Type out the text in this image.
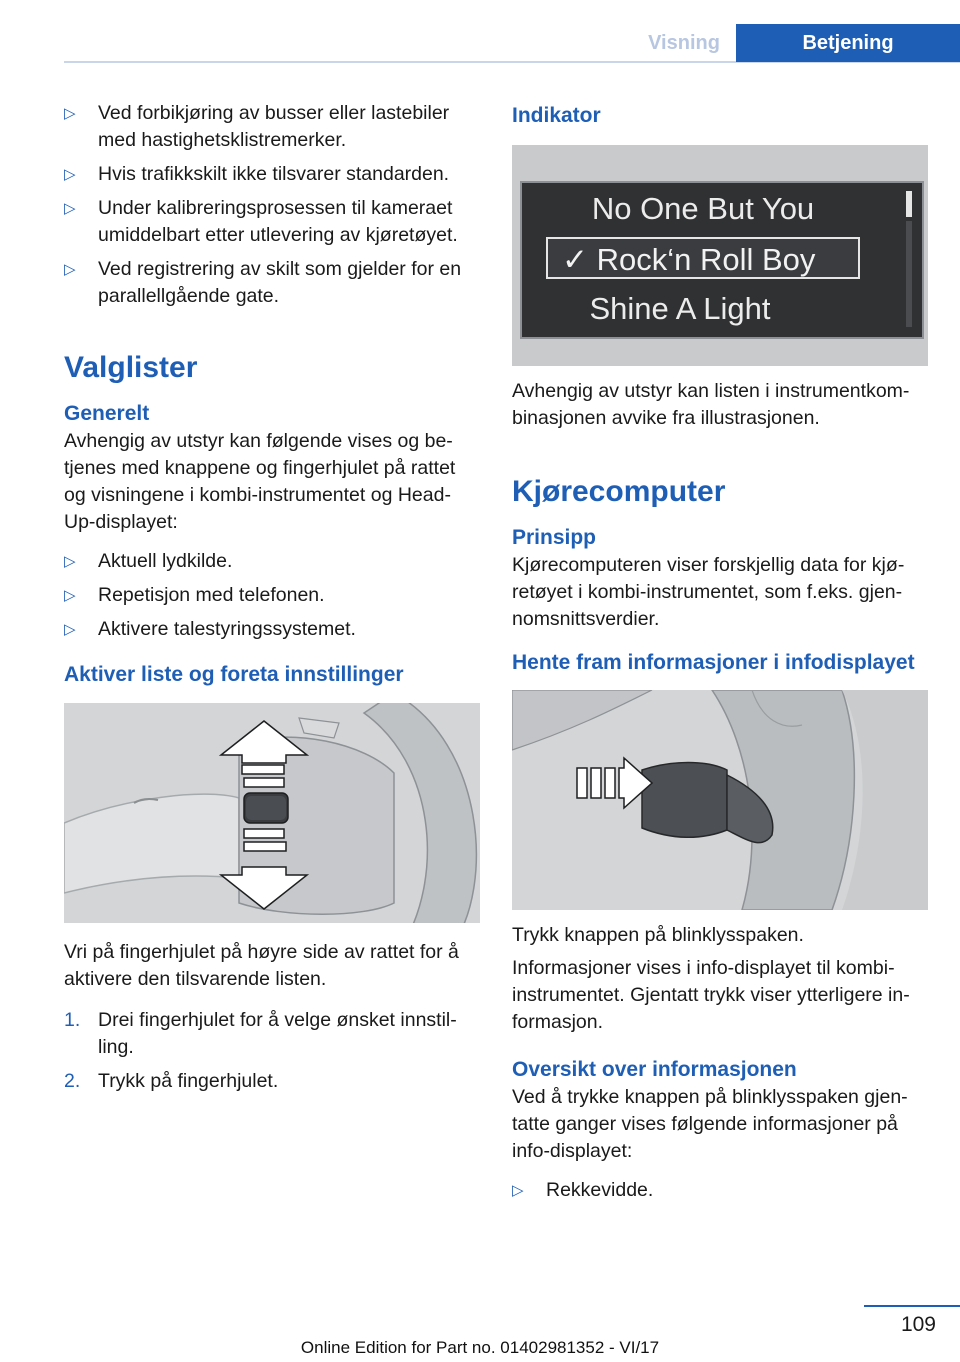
Visning	Betjening
▷ Ved forbikjøring av busser eller lastebiler med hastighetsklistremerker.
▷ Hvis trafikkskilt ikke tilsvarer standarden.
▷ Under kalibreringsprosessen til kameraet umiddelbart etter utlevering av kjøretøyet.
▷ Ved registrering av skilt som gjelder for en parallellgående gate.
Valglister
Generelt

Avhengig av utstyr kan følgende vises og betjenes med knappene og fingerhjulet på rattet og visningene i kombi-instrumentet og Head-Up-displayet:

▷ Aktuell lydkilde.
▷ Repetisjon med telefonen.
▷ Aktivere talestyringssystemet.
Aktiver liste og foreta innstillinger

Vri på fingerhjulet på høyre side av rattet for å aktivere den tilsvarende listen.

1. Drei fingerhjulet for å velge ønsket innstilling.
2. Trykk på fingerhjulet.
Indikator
No One But You
✓ Rock‘n Roll Boy
Shine A Light

Avhengig av utstyr kan listen i instrumentkombinasjonen avvike fra illustrasjonen.

Kjørecomputer
Prinsipp

Kjørecomputeren viser forskjellig data for kjøretøyet i kombi-instrumentet, som f.eks. gjennomsnittsverdier.

Hente fram informasjoner i infodisplayet

Trykk knappen på blinklysspaken.

Informasjoner vises i info-displayet til kombiinstrumentet. Gjentatt trykk viser ytterligere informasjon.

Oversikt over informasjonen

Ved å trykke knappen på blinklysspaken gjentatte ganger vises følgende informasjoner på info-displayet:

▷ Rekkevidde.
109
Online Edition for Part no. 01402981352 - VI/17
